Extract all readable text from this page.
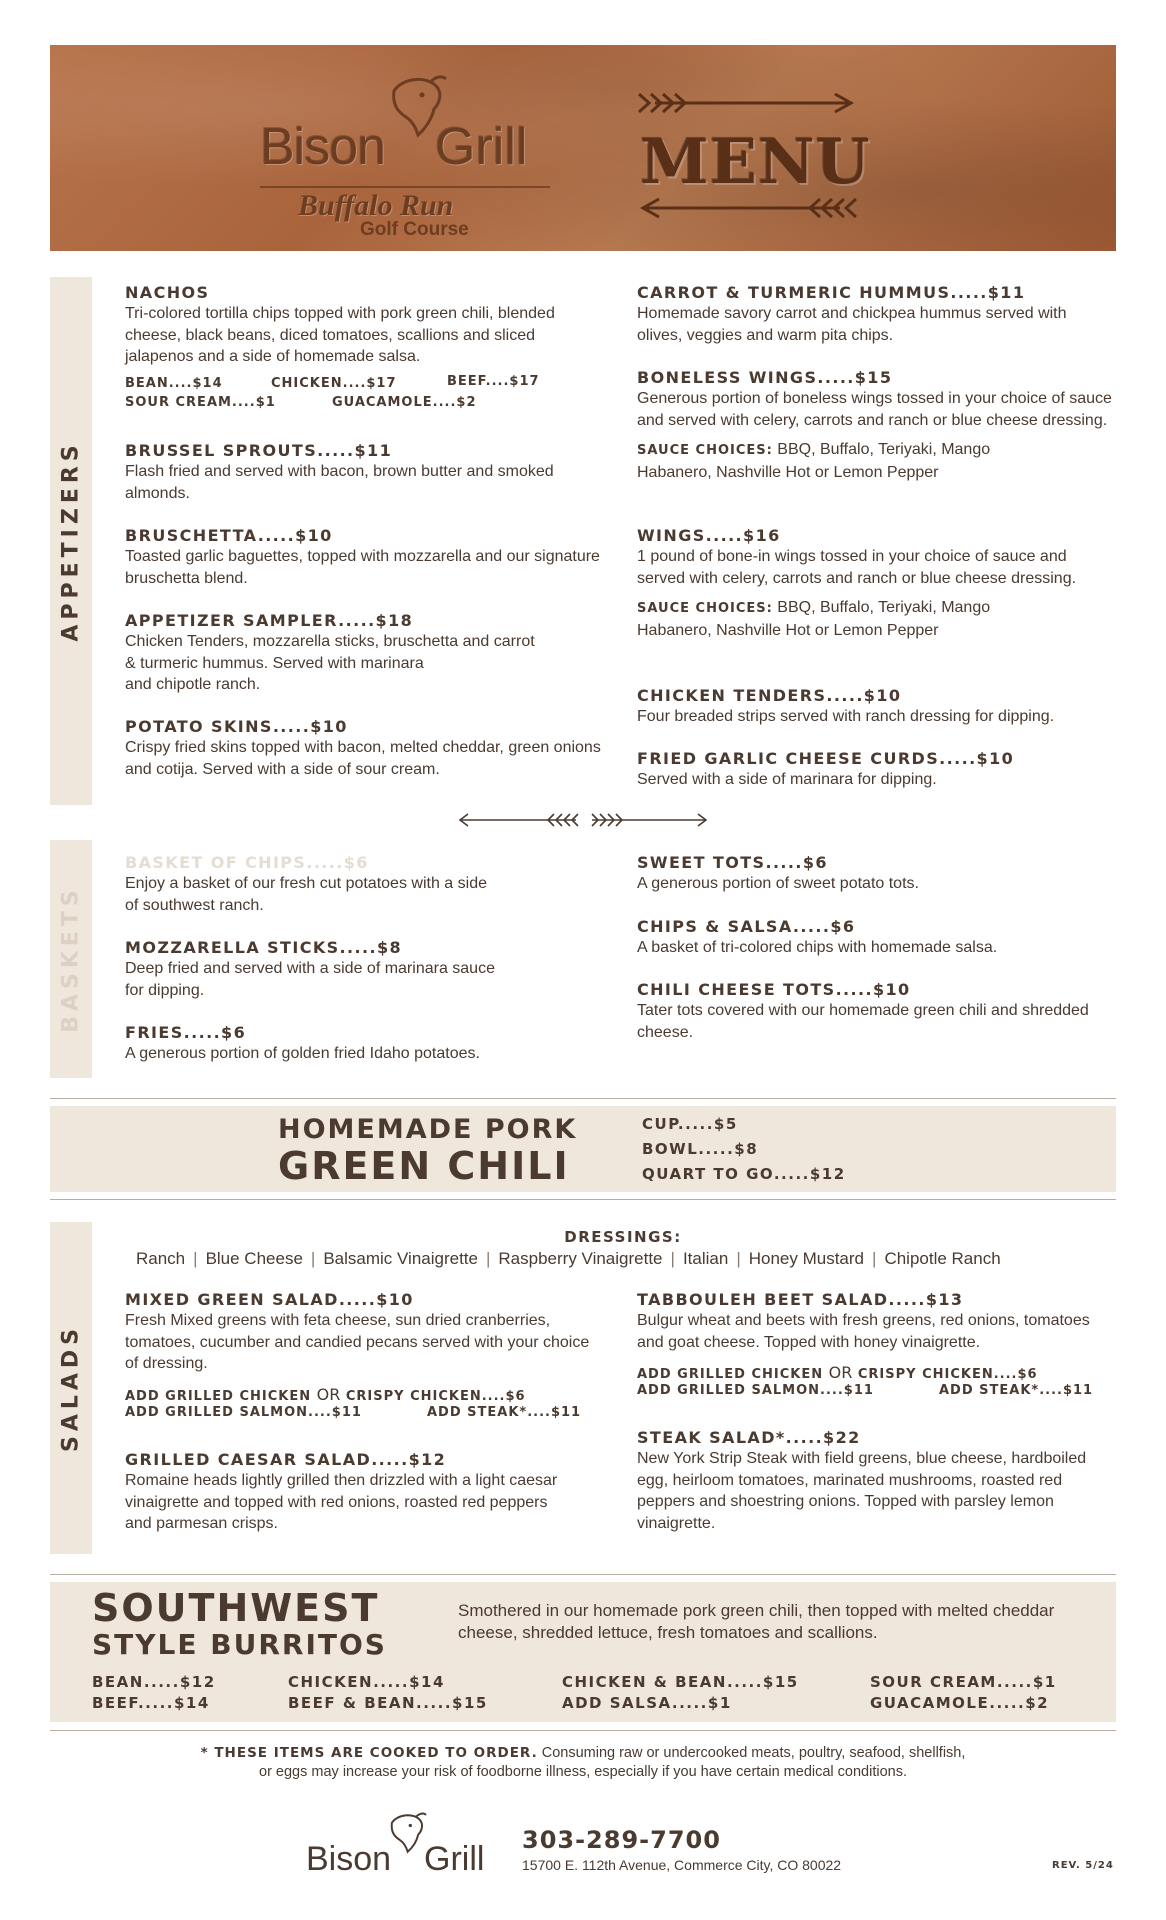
Bison Grill
Buffalo Run
Golf Course
MENU
APPETIZERS
NACHOS
Tri-colored tortilla chips topped with pork green chili, blended cheese, black beans, diced tomatoes, scallions and sliced jalapenos and a side of homemade salsa.
BEAN....$14	CHICKEN....$17	BEEF....$17
SOUR CREAM....$1	GUACAMOLE....$2
BRUSSEL SPROUTS.....$11
Flash fried and served with bacon, brown butter and smoked almonds.
BRUSCHETTA.....$10
Toasted garlic baguettes, topped with mozzarella and our signature bruschetta blend.
APPETIZER SAMPLER.....$18
Chicken Tenders, mozzarella sticks, bruschetta and carrot
& turmeric hummus. Served with marinara
and chipotle ranch.
POTATO SKINS.....$10
Crispy fried skins topped with bacon, melted cheddar, green onions and cotija. Served with a side of sour cream.
CARROT & TURMERIC HUMMUS.....$11
Homemade savory carrot and chickpea hummus served with olives, veggies and warm pita chips.
BONELESS WINGS.....$15
Generous portion of boneless wings tossed in your choice of sauce and served with celery, carrots and ranch or blue cheese dressing.
SAUCE CHOICES: BBQ, Buffalo, Teriyaki, Mango Habanero, Nashville Hot or Lemon Pepper
WINGS.....$16
1 pound of bone-in wings tossed in your choice of sauce and served with celery, carrots and ranch or blue cheese dressing.
SAUCE CHOICES: BBQ, Buffalo, Teriyaki, Mango Habanero, Nashville Hot or Lemon Pepper
CHICKEN TENDERS.....$10
Four breaded strips served with ranch dressing for dipping.
FRIED GARLIC CHEESE CURDS.....$10
Served with a side of marinara for dipping.
BASKETS
BASKET OF CHIPS.....$6
Enjoy a basket of our fresh cut potatoes with a side
of southwest ranch.
MOZZARELLA STICKS.....$8
Deep fried and served with a side of marinara sauce
for dipping.
FRIES.....$6
A generous portion of golden fried Idaho potatoes.
SWEET TOTS.....$6
A generous portion of sweet potato tots.
CHIPS & SALSA.....$6
A basket of tri-colored chips with homemade salsa.
CHILI CHEESE TOTS.....$10
Tater tots covered with our homemade green chili and shredded cheese.
HOMEMADE PORK
GREEN CHILI
CUP.....$5
BOWL.....$8
QUART TO GO.....$12
SALADS
DRESSINGS:
Ranch | Blue Cheese | Balsamic Vinaigrette | Raspberry Vinaigrette | Italian | Honey Mustard | Chipotle Ranch
MIXED GREEN SALAD.....$10
Fresh Mixed greens with feta cheese, sun dried cranberries, tomatoes, cucumber and candied pecans served with your choice of dressing.
ADD GRILLED CHICKEN OR CRISPY CHICKEN....$6
ADD GRILLED SALMON....$11	ADD STEAK*....$11
GRILLED CAESAR SALAD.....$12
Romaine heads lightly grilled then drizzled with a light caesar vinaigrette and topped with red onions, roasted red peppers and parmesan crisps.
TABBOULEH BEET SALAD.....$13
Bulgur wheat and beets with fresh greens, red onions, tomatoes and goat cheese. Topped with honey vinaigrette.
ADD GRILLED CHICKEN OR CRISPY CHICKEN....$6
ADD GRILLED SALMON....$11	ADD STEAK*....$11
STEAK SALAD*.....$22
New York Strip Steak with field greens, blue cheese, hardboiled egg, heirloom tomatoes, marinated mushrooms, roasted red peppers and shoestring onions. Topped with parsley lemon vinaigrette.
SOUTHWEST
STYLE BURRITOS
Smothered in our homemade pork green chili, then topped with melted cheddar cheese, shredded lettuce, fresh tomatoes and scallions.
BEAN.....$12
BEEF.....$14
CHICKEN.....$14
BEEF & BEAN.....$15
CHICKEN & BEAN.....$15
ADD SALSA.....$1
SOUR CREAM.....$1
GUACAMOLE.....$2
* THESE ITEMS ARE COOKED TO ORDER. Consuming raw or undercooked meats, poultry, seafood, shellfish,
or eggs may increase your risk of foodborne illness, especially if you have certain medical conditions.
Bison Grill 303-289-7700
15700 E. 112th Avenue, Commerce City, CO 80022	REV. 5/24
